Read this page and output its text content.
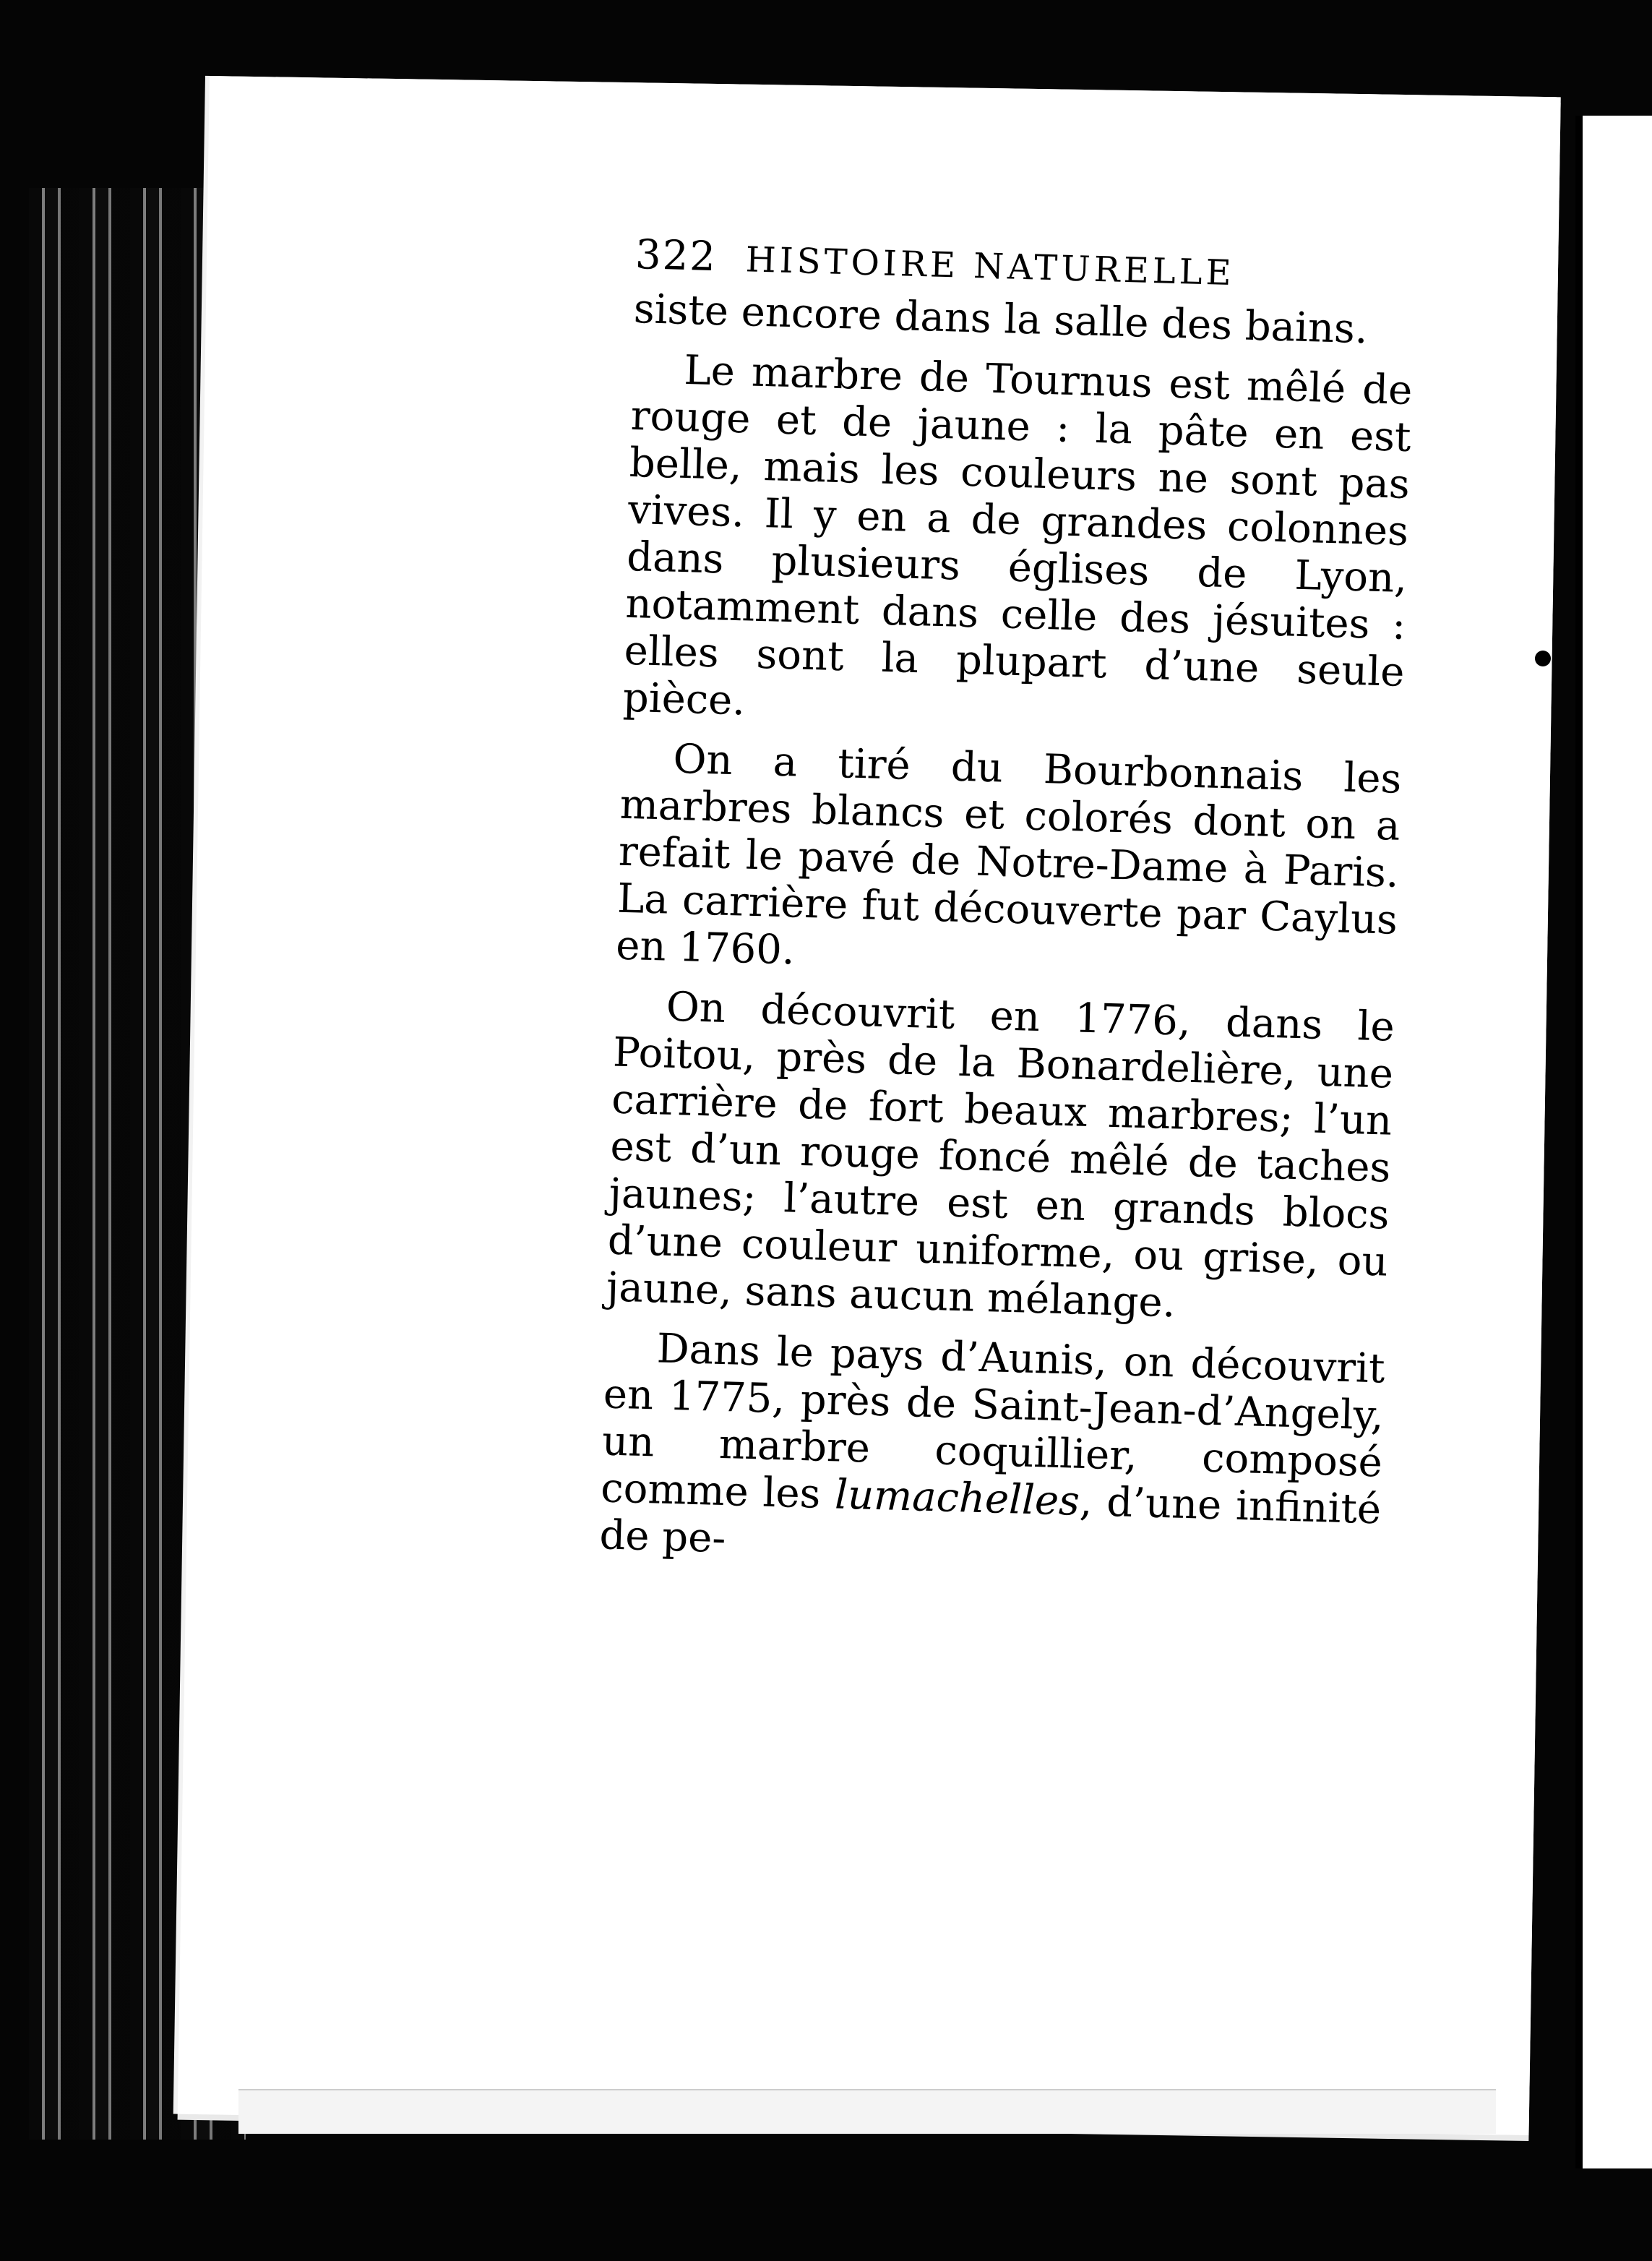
322 HISTOIRE NATURELLE

siste encore dans la salle des bains.

Le marbre de Tournus est mêlé de rouge et de jaune : la pâte en est belle, mais les couleurs ne sont pas vives. Il y en a de grandes colonnes dans plusieurs églises de Lyon, notamment dans celle des jésuites : elles sont la plupart d’une seule pièce.

On a tiré du Bourbonnais les marbres blancs et colorés dont on a refait le pavé de Notre-Dame à Paris. La carrière fut découverte par Caylus en 1760.

On découvrit en 1776, dans le Poitou, près de la Bonardelière, une carrière de fort beaux marbres; l’un est d’un rouge foncé mêlé de taches jaunes; l’autre est en grands blocs d’une couleur uniforme, ou grise, ou jaune, sans aucun mélange.

Dans le pays d’Aunis, on découvrit en 1775, près de Saint-Jean-d’Angely, un marbre coquillier, composé comme les lumachelles, d’une infinité de pe-
